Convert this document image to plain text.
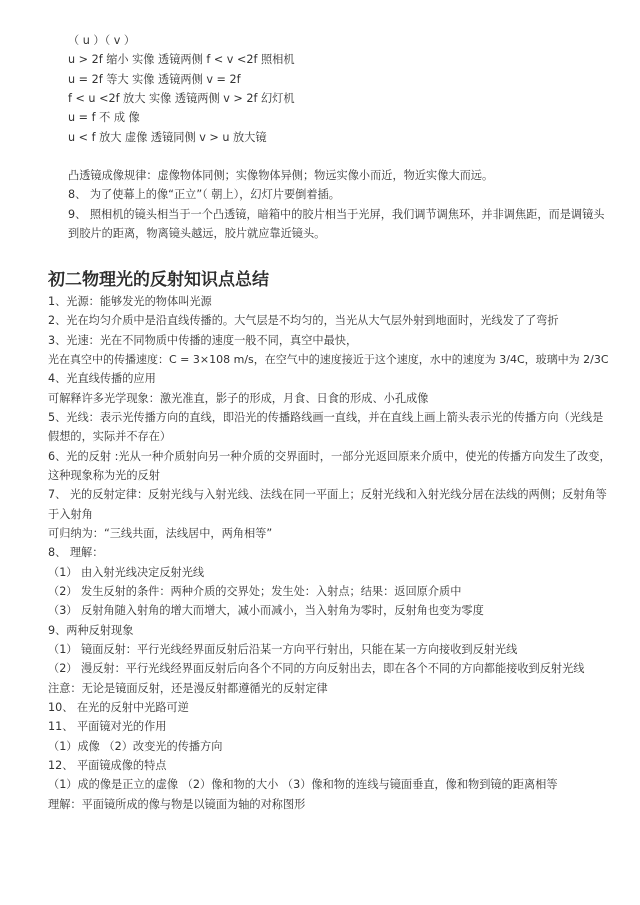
（ u ）（ v ）
u > 2f 缩小 实像 透镜两侧 f < v <2f 照相机
u = 2f 等大 实像 透镜两侧 v = 2f
f < u <2f 放大 实像 透镜两侧 v > 2f 幻灯机
u = f 不 成 像
u < f 放大 虚像 透镜同侧 v > u 放大镜
凸透镜成像规律：虚像物体同侧；实像物体异侧；物远实像小而近，物近实像大而远。
8、 为了使幕上的像“正立”（ 朝上），幻灯片要倒着插。
9、 照相机的镜头相当于一个凸透镜，暗箱中的胶片相当于光屏，我们调节调焦环，并非调焦距，而是调镜头
到胶片的距离，物离镜头越远，胶片就应靠近镜头。
初二物理光的反射知识点总结
1、光源：能够发光的物体叫光源
2、光在均匀介质中是沿直线传播的。大气层是不均匀的，当光从大气层外射到地面时，光线发了了弯折
3、光速：光在不同物质中传播的速度一般不同，真空中最快，
光在真空中的传播速度：C = 3×108 m/s，在空气中的速度接近于这个速度，水中的速度为 3/4C，玻璃中为 2/3C
4、光直线传播的应用
可解释许多光学现象：激光准直，影子的形成，月食、日食的形成、小孔成像
5、光线：表示光传播方向的直线，即沿光的传播路线画一直线，并在直线上画上箭头表示光的传播方向（光线是
假想的，实际并不存在）
6、光的反射 :光从一种介质射向另一种介质的交界面时，一部分光返回原来介质中，使光的传播方向发生了改变，
这种现象称为光的反射
7、 光的反射定律：反射光线与入射光线、法线在同一平面上；反射光线和入射光线分居在法线的两侧；反射角等
于入射角
可归纳为：“三线共面，法线居中，两角相等”
8、 理解：
（1） 由入射光线决定反射光线
（2） 发生反射的条件：两种介质的交界处；发生处：入射点；结果：返回原介质中
（3） 反射角随入射角的增大而增大，减小而减小，当入射角为零时，反射角也变为零度
9、两种反射现象
（1） 镜面反射：平行光线经界面反射后沿某一方向平行射出，只能在某一方向接收到反射光线
（2） 漫反射：平行光线经界面反射后向各个不同的方向反射出去，即在各个不同的方向都能接收到反射光线
注意：无论是镜面反射，还是漫反射都遵循光的反射定律
10、 在光的反射中光路可逆
11、 平面镜对光的作用
（1）成像 （2）改变光的传播方向
12、 平面镜成像的特点
（1）成的像是正立的虚像 （2）像和物的大小 （3）像和物的连线与镜面垂直，像和物到镜的距离相等
理解：平面镜所成的像与物是以镜面为轴的对称图形
